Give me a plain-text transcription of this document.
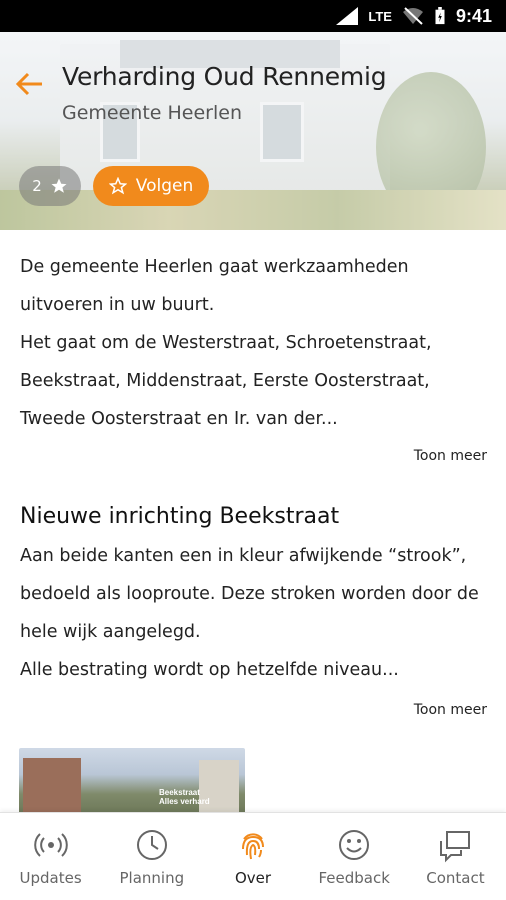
LTE	9:41
Verharding Oud Rennemig
Gemeente Heerlen
2	Volgen
De gemeente Heerlen gaat werkzaamheden uitvoeren in uw buurt.
Het gaat om de Westerstraat, Schroetenstraat, Beekstraat, Middenstraat, Eerste Oosterstraat, Tweede Oosterstraat en Ir. van der...
Toon meer
Nieuwe inrichting Beekstraat
Aan beide kanten een in kleur afwijkende “strook”, bedoeld als looproute. Deze stroken worden door de hele wijk aangelegd.
Alle bestrating wordt op hetzelfde niveau...
Toon meer
Beekstraat
Alles verhard
Updates	Planning	Over	Feedback Contact
